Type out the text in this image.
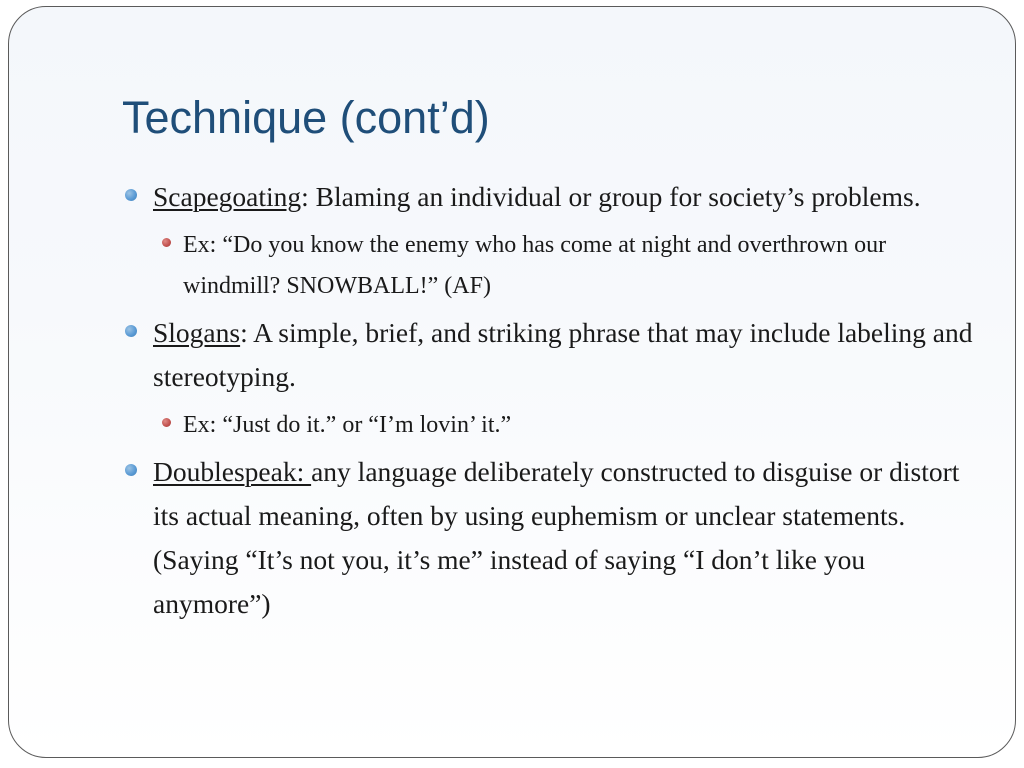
Technique (cont’d)

Scapegoating: Blaming an individual or group for society’s problems.

Ex: “Do you know the enemy who has come at night and overthrown our windmill? SNOWBALL!” (AF)

Slogans: A simple, brief, and striking phrase that may include labeling and stereotyping.

Ex: “Just do it.” or “I’m lovin’ it.”

Doublespeak: any language deliberately constructed to disguise or distort its actual meaning, often by using euphemism or unclear statements. (Saying “It’s not you, it’s me” instead of saying “I don’t like you anymore”)
